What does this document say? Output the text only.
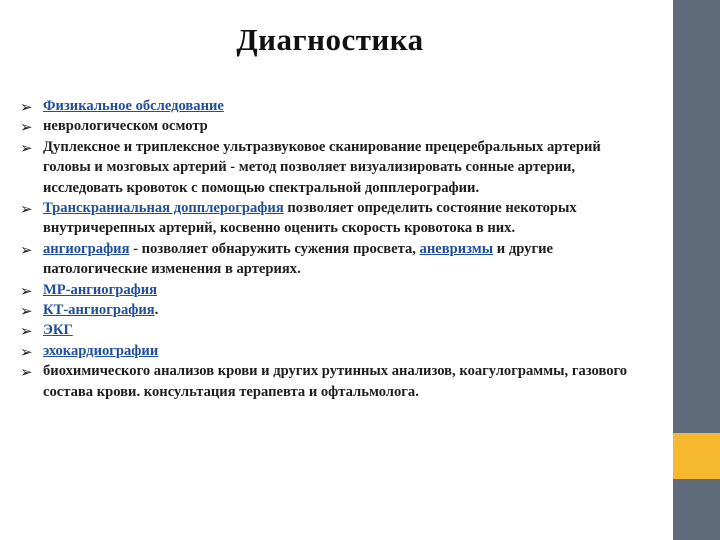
Диагностика
➢ Физикальное обследование
➢ неврологическом осмотр
➢ Дуплексное и триплексное ультразвуковое сканирование прецеребральных артерий головы и мозговых артерий - метод позволяет визуализировать сонные артерии, исследовать кровоток с помощью спектральной допплерографии.
➢ Транскраниальная допплерография позволяет определить состояние некоторых внутричерепных артерий, косвенно оценить скорость кровотока в них.
➢ ангиография - позволяет обнаружить сужения просвета, аневризмы и другие патологические изменения в артериях.
➢ МР-ангиография
➢ КТ-ангиография.
➢ ЭКГ
➢ эхокардиографии
➢ биохимического анализов крови и других рутинных анализов, коагулограммы, газового состава крови. консультация терапевта и офтальмолога.
